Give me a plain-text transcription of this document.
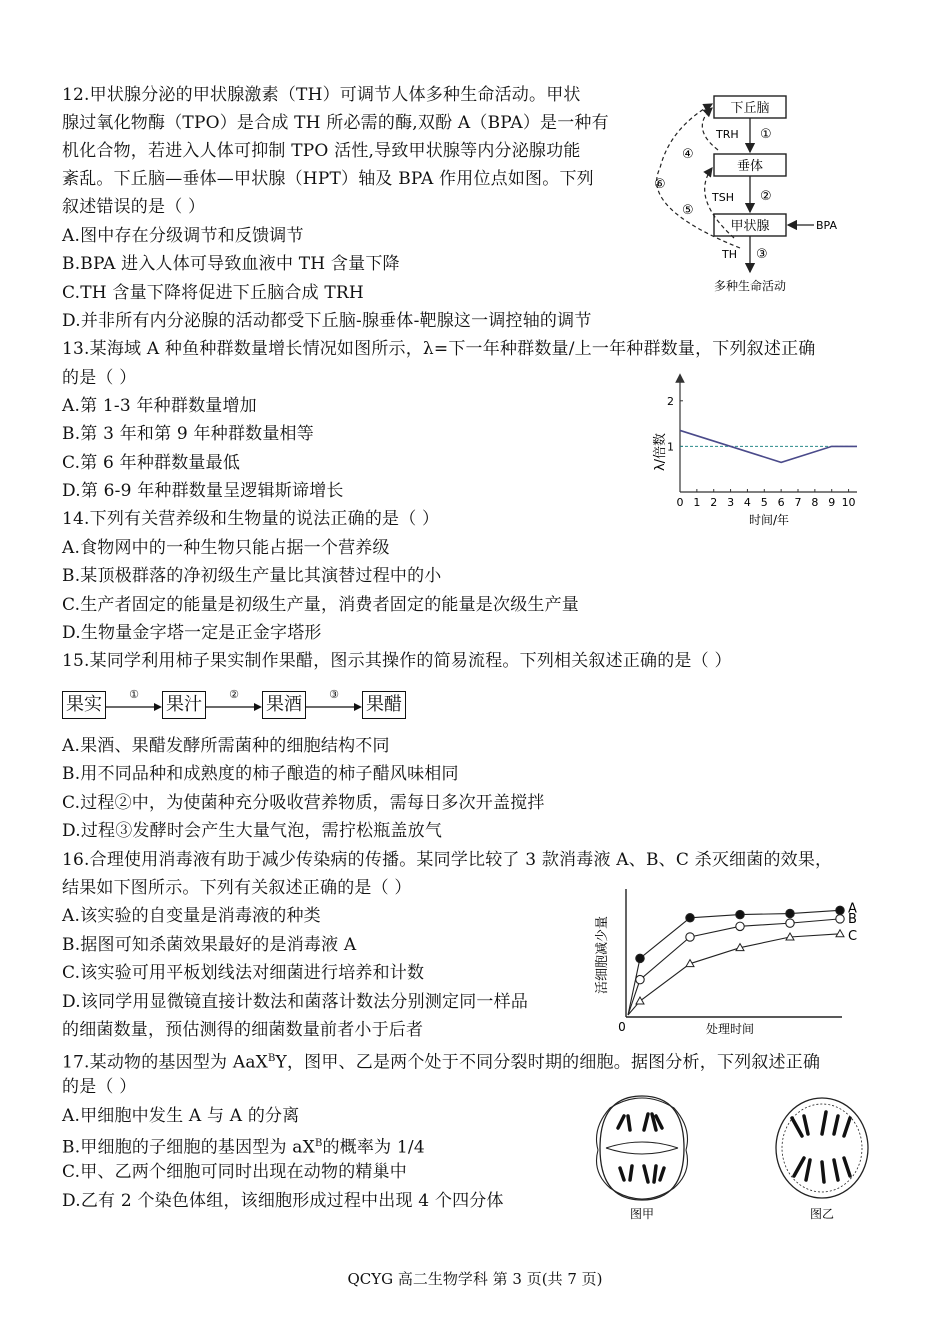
12.甲状腺分泌的甲状腺激素（TH）可调节人体多种生命活动。甲状
腺过氧化物酶（TPO）是合成 TH 所必需的酶,双酚 A（BPA）是一种有
机化合物，若进入人体可抑制 TPO 活性,导致甲状腺等内分泌腺功能
紊乱。下丘脑—垂体—甲状腺（HPT）轴及 BPA 作用位点如图。下列
叙述错误的是（ ）
A.图中存在分级调节和反馈调节
B.BPA 进入人体可导致血液中 TH 含量下降
C.TH 含量下降将促进下丘脑合成 TRH
D.并非所有内分泌腺的活动都受下丘脑-腺垂体-靶腺这一调控轴的调节
13.某海域 A 种鱼种群数量增长情况如图所示，λ=下一年种群数量/上一年种群数量，下列叙述正确
的是（ ）
A.第 1-3 年种群数量增加
B.第 3 年和第 9 年种群数量相等
C.第 6 年种群数量最低
D.第 6-9 年种群数量呈逻辑斯谛增长
14.下列有关营养级和生物量的说法正确的是（ ）
A.食物网中的一种生物只能占据一个营养级
B.某顶极群落的净初级生产量比其演替过程中的小
C.生产者固定的能量是初级生产量，消费者固定的能量是次级生产量
D.生物量金字塔一定是正金字塔形
15.某同学利用柿子果实制作果醋，图示其操作的简易流程。下列相关叙述正确的是（ ）
果实	①	果汁	②	果酒	③	果醋
A.果酒、果醋发酵所需菌种的细胞结构不同
B.用不同品种和成熟度的柿子酿造的柿子醋风味相同
C.过程②中，为使菌种充分吸收营养物质，需每日多次开盖搅拌
D.过程③发酵时会产生大量气泡，需拧松瓶盖放气
16.合理使用消毒液有助于减少传染病的传播。某同学比较了 3 款消毒液 A、B、C 杀灭细菌的效果，
结果如下图所示。下列有关叙述正确的是（ ）
A.该实验的自变量是消毒液的种类
B.据图可知杀菌效果最好的是消毒液 A
C.该实验可用平板划线法对细菌进行培养和计数
D.该同学用显微镜直接计数法和菌落计数法分别测定同一样品
的细菌数量，预估测得的细菌数量前者小于后者
17.某动物的基因型为 AaX$^B$Y，图甲、乙是两个处于不同分裂时期的细胞。据图分析，下列叙述正确
的是（ ）
A.甲细胞中发生 A 与 A 的分离
B.甲细胞的子细胞的基因型为 $aX^B$的概率为 1/4
C.甲、乙两个细胞可同时出现在动物的精巢中
D.乙有 2 个染色体组，该细胞形成过程中出现 4 个四分体
下丘脑
垂体
甲状腺
TRH ①
TSH ②
TH ③
BPA
多种生命活动
④
⑥
⑤
λ/倍数
时间/年
0 1 2 3 4 5 6 7 8 9 10
1
2
活细胞减少量
处理时间
0
A
B
C
图甲	图乙
QCYG 高二生物学科 第 3 页(共 7 页)
